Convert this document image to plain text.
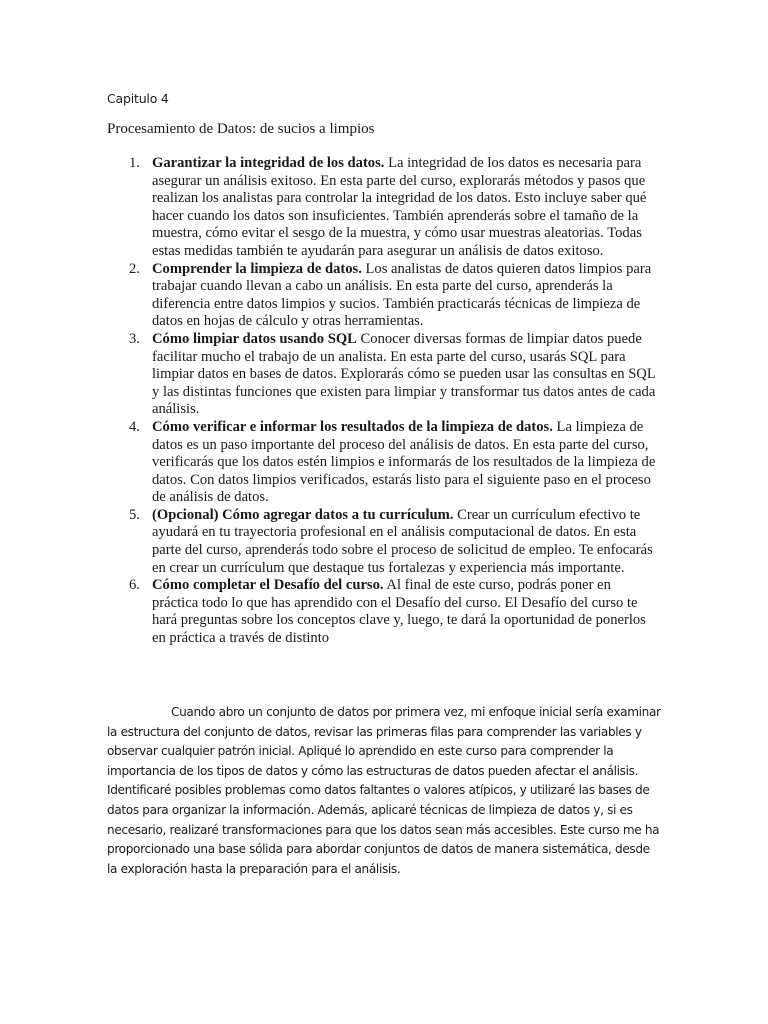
Capitulo 4
Procesamiento de Datos: de sucios a limpios
1. Garantizar la integridad de los datos. La integridad de los datos es necesaria para asegurar un análisis exitoso. En esta parte del curso, explorarás métodos y pasos que realizan los analistas para controlar la integridad de los datos. Esto incluye saber qué hacer cuando los datos son insuficientes. También aprenderás sobre el tamaño de la muestra, cómo evitar el sesgo de la muestra, y cómo usar muestras aleatorias. Todas estas medidas también te ayudarán para asegurar un análisis de datos exitoso.
2. Comprender la limpieza de datos. Los analistas de datos quieren datos limpios para trabajar cuando llevan a cabo un análisis. En esta parte del curso, aprenderás la diferencia entre datos limpios y sucios. También practicarás técnicas de limpieza de datos en hojas de cálculo y otras herramientas.
3. Cómo limpiar datos usando SQL Conocer diversas formas de limpiar datos puede facilitar mucho el trabajo de un analista. En esta parte del curso, usarás SQL para limpiar datos en bases de datos. Explorarás cómo se pueden usar las consultas en SQL y las distintas funciones que existen para limpiar y transformar tus datos antes de cada análisis.
4. Cómo verificar e informar los resultados de la limpieza de datos. La limpieza de datos es un paso importante del proceso del análisis de datos. En esta parte del curso, verificarás que los datos estén limpios e informarás de los resultados de la limpieza de datos. Con datos limpios verificados, estarás listo para el siguiente paso en el proceso de análisis de datos.
5. (Opcional) Cómo agregar datos a tu currículum. Crear un currículum efectivo te ayudará en tu trayectoria profesional en el análisis computacional de datos. En esta parte del curso, aprenderás todo sobre el proceso de solicitud de empleo. Te enfocarás en crear un currículum que destaque tus fortalezas y experiencia más importante.
6. Cómo completar el Desafío del curso. Al final de este curso, podrás poner en práctica todo lo que has aprendido con el Desafío del curso. El Desafío del curso te hará preguntas sobre los conceptos clave y, luego, te dará la oportunidad de ponerlos en práctica a través de distinto

Cuando abro un conjunto de datos por primera vez, mi enfoque inicial sería examinar la estructura del conjunto de datos, revisar las primeras filas para comprender las variables y observar cualquier patrón inicial. Apliqué lo aprendido en este curso para comprender la importancia de los tipos de datos y cómo las estructuras de datos pueden afectar el análisis. Identificaré posibles problemas como datos faltantes o valores atípicos, y utilizaré las bases de datos para organizar la información. Además, aplicaré técnicas de limpieza de datos y, si es necesario, realizaré transformaciones para que los datos sean más accesibles. Este curso me ha proporcionado una base sólida para abordar conjuntos de datos de manera sistemática, desde la exploración hasta la preparación para el análisis.
